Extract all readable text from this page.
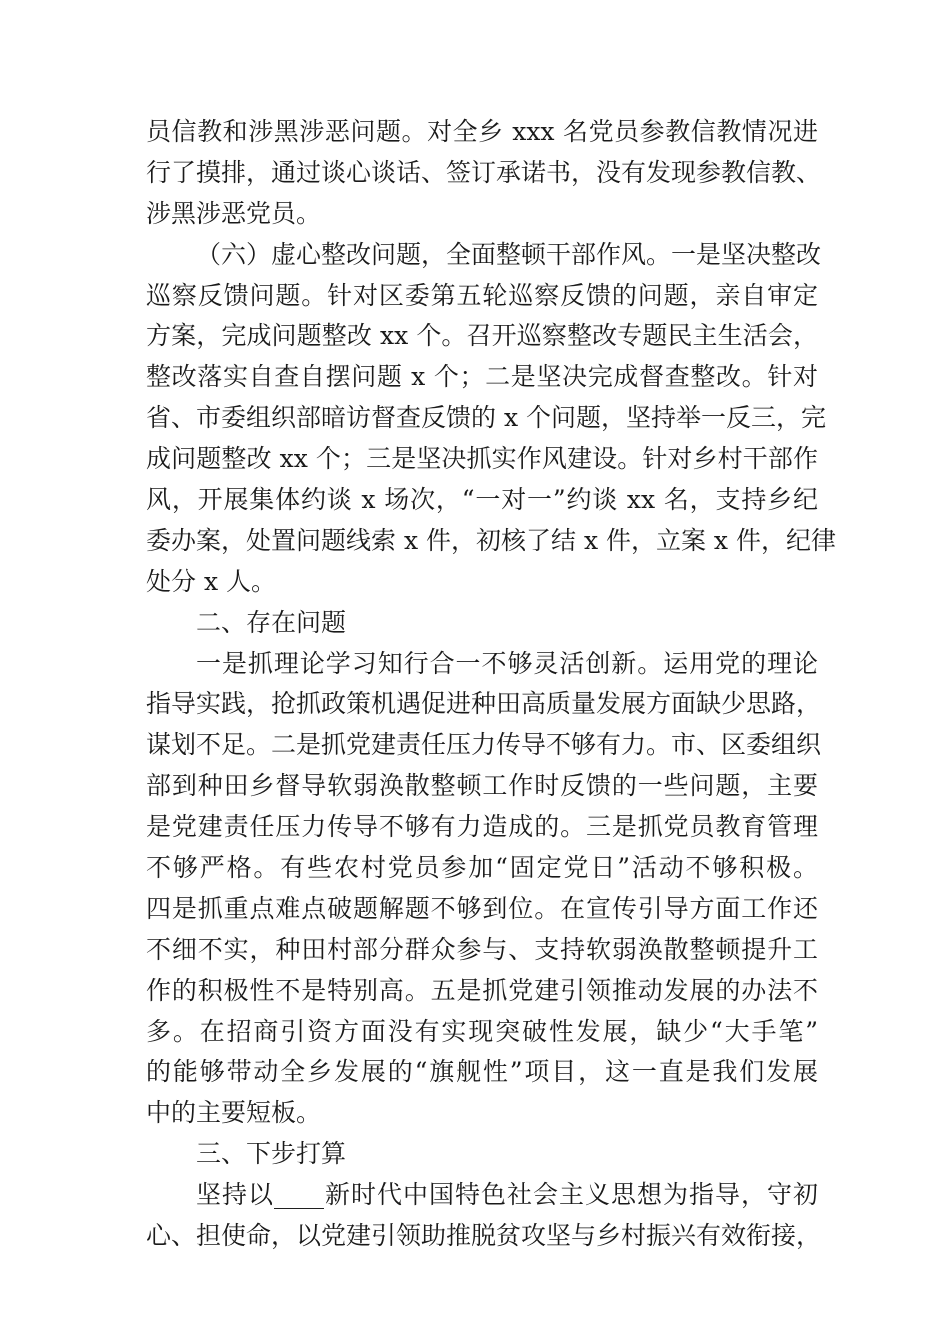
员信教和涉黑涉恶问题。对全乡 xxx 名党员参教信教情况进
行了摸排，通过谈心谈话、签订承诺书，没有发现参教信教、
涉黑涉恶党员。
（六）虚心整改问题，全面整顿干部作风。一是坚决整改
巡察反馈问题。针对区委第五轮巡察反馈的问题，亲自审定
方案，完成问题整改 xx 个。召开巡察整改专题民主生活会，
整改落实自查自摆问题 x 个；二是坚决完成督查整改。针对
省、市委组织部暗访督查反馈的 x 个问题，坚持举一反三，完
成问题整改 xx 个；三是坚决抓实作风建设。针对乡村干部作
风，开展集体约谈 x 场次，“一对一”约谈 xx 名，支持乡纪
委办案，处置问题线索 x 件，初核了结 x 件，立案 x 件，纪律
处分 x 人。
二、存在问题
一是抓理论学习知行合一不够灵活创新。运用党的理论
指导实践，抢抓政策机遇促进种田高质量发展方面缺少思路，
谋划不足。二是抓党建责任压力传导不够有力。市、区委组织
部到种田乡督导软弱涣散整顿工作时反馈的一些问题，主要
是党建责任压力传导不够有力造成的。三是抓党员教育管理
不够严格。有些农村党员参加“固定党日”活动不够积极。
四是抓重点难点破题解题不够到位。在宣传引导方面工作还
不细不实，种田村部分群众参与、支持软弱涣散整顿提升工
作的积极性不是特别高。五是抓党建引领推动发展的办法不
多。在招商引资方面没有实现突破性发展，缺少“大手笔”
的能够带动全乡发展的“旗舰性”项目，这一直是我们发展
中的主要短板。
三、下步打算
坚持以____新时代中国特色社会主义思想为指导，守初
心、担使命，以党建引领助推脱贫攻坚与乡村振兴有效衔接，
